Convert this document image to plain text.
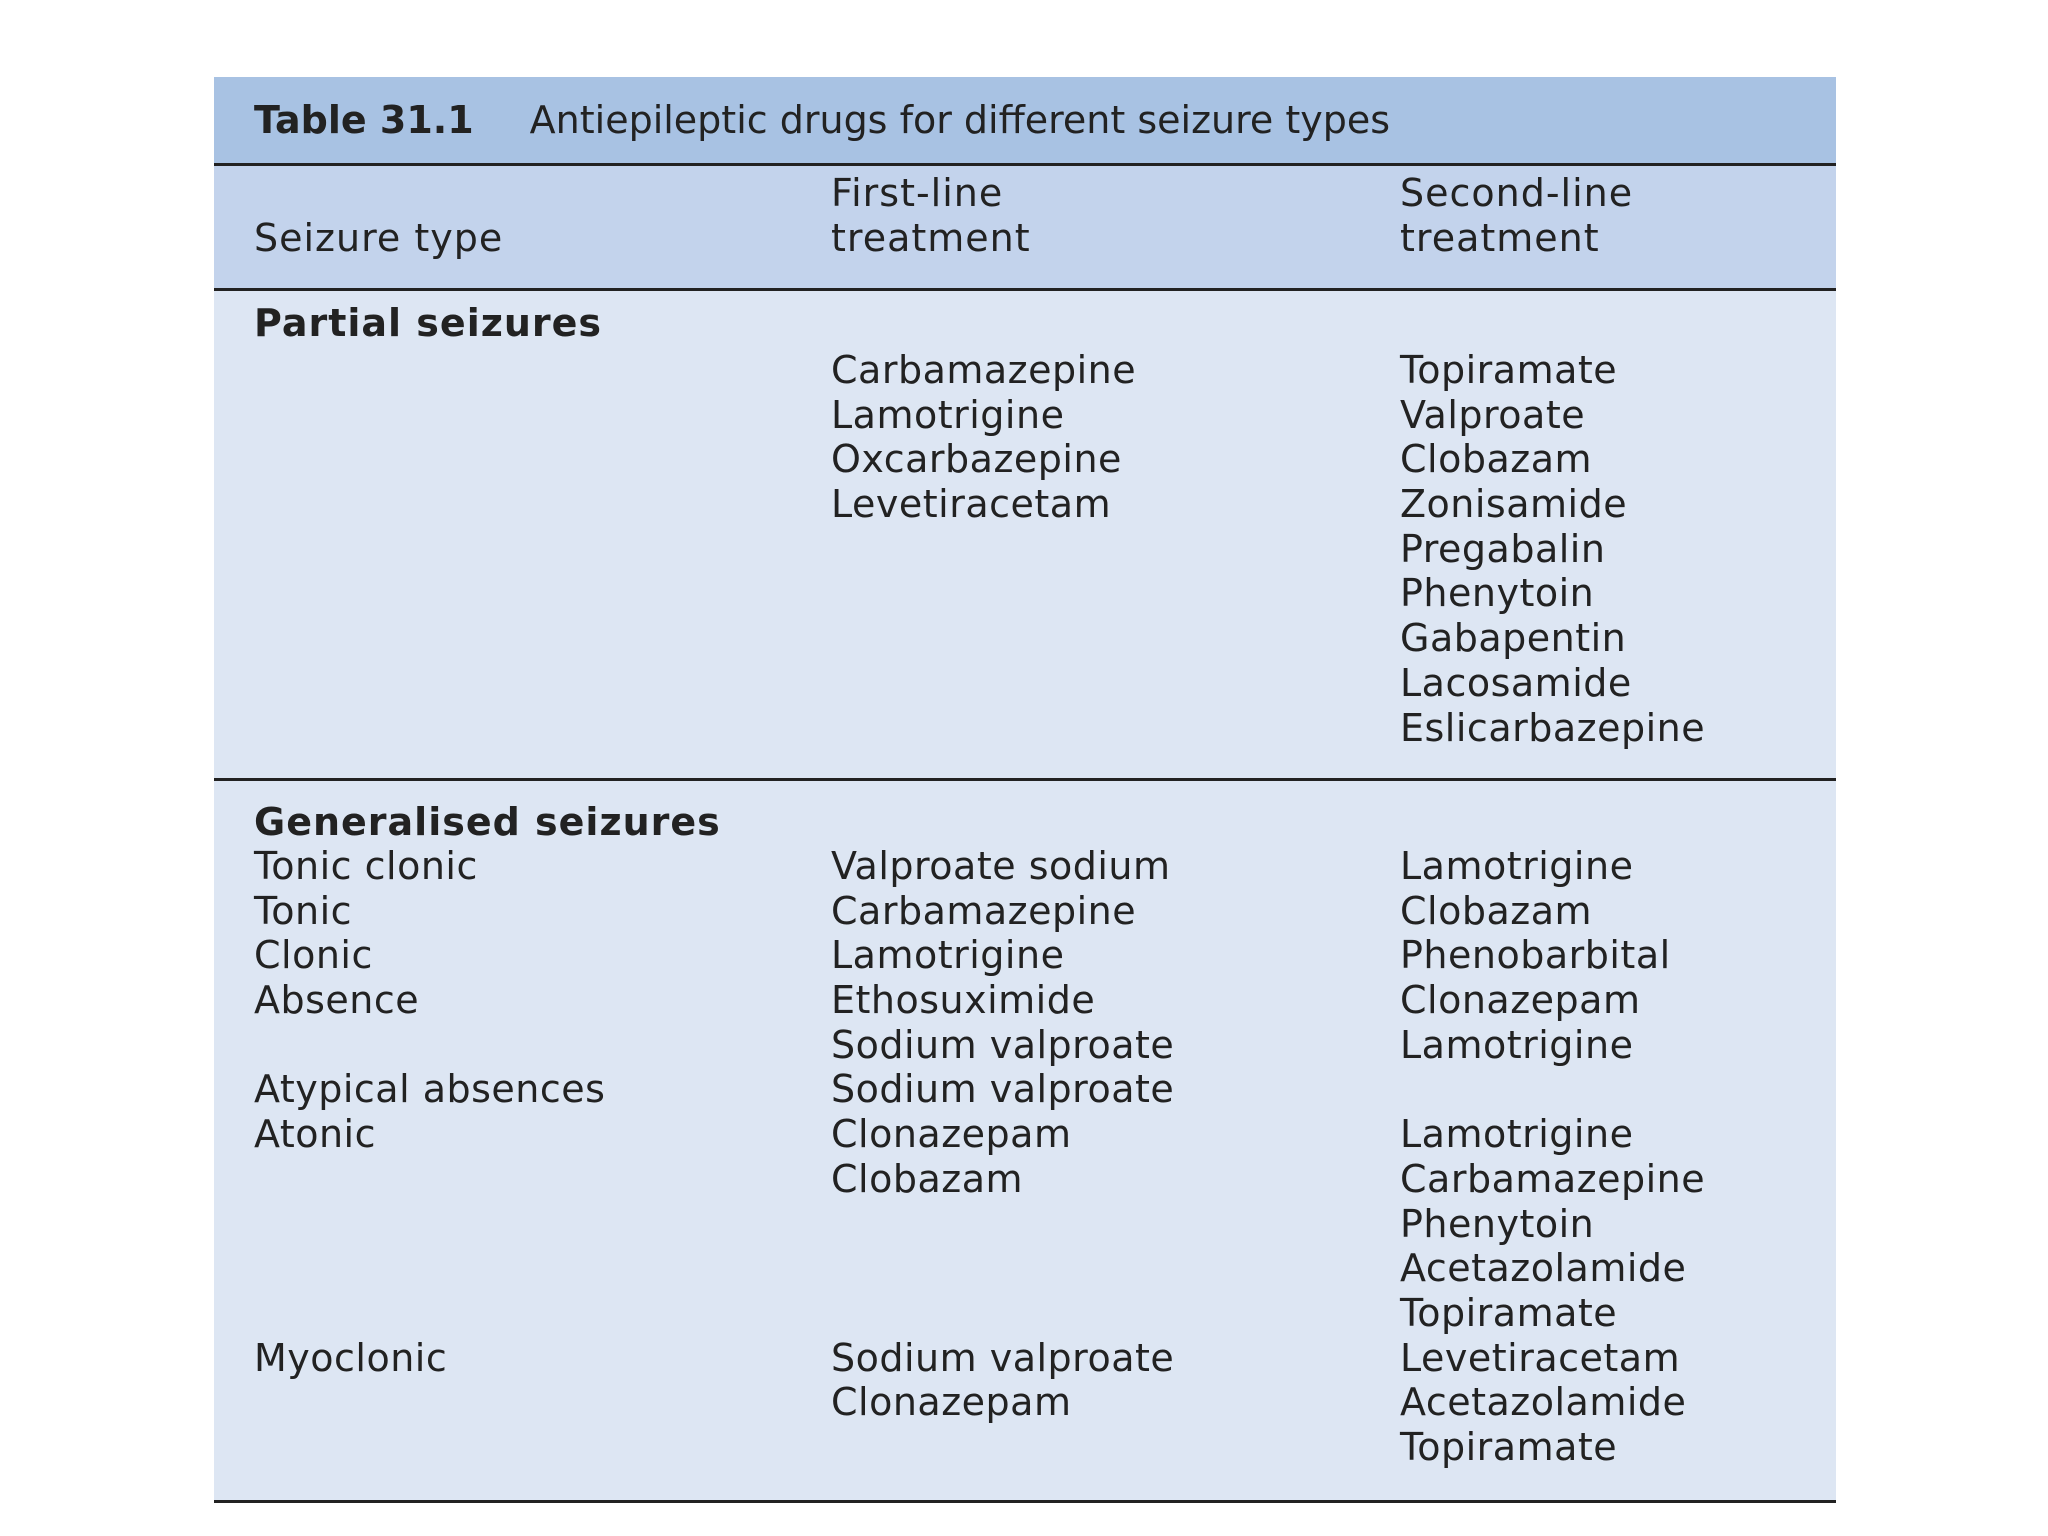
Table 31.1 Antiepileptic drugs for different seizure types
Seizure type
First-line
treatment
Second-line
treatment
Partial seizures
Carbamazepine
Lamotrigine
Oxcarbazepine
Levetiracetam
Topiramate
Valproate
Clobazam
Zonisamide
Pregabalin
Phenytoin
Gabapentin
Lacosamide
Eslicarbazepine
Generalised seizures
Tonic clonic
Tonic
Clonic
Absence
Atypical absences
Atonic
Myoclonic
Valproate sodium
Carbamazepine
Lamotrigine
Ethosuximide
Sodium valproate
Sodium valproate
Clonazepam
Clobazam
Sodium valproate
Clonazepam
Lamotrigine
Clobazam
Phenobarbital
Clonazepam
Lamotrigine
Lamotrigine
Carbamazepine
Phenytoin
Acetazolamide
Topiramate
Levetiracetam
Acetazolamide
Topiramate
